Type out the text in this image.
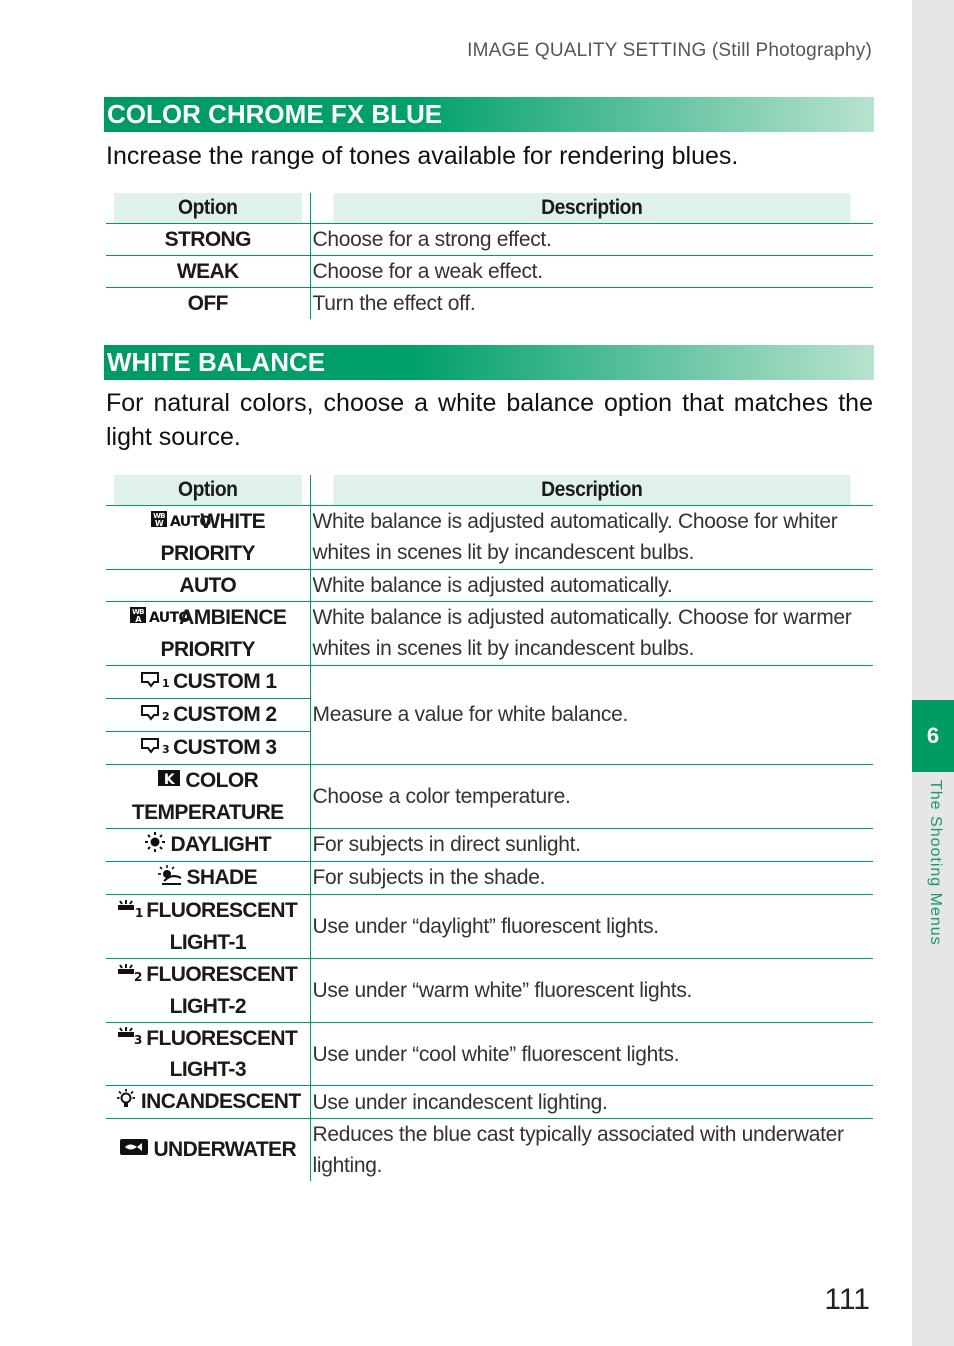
IMAGE QUALITY SETTING (Still Photography)
6
The Shooting Menus
COLOR CHROME FX BLUE
Increase the range of tones available for rendering blues.
Option	Description
STRONG	Choose for a strong effect.
WEAK	Choose for a weak effect.
OFF	Turn the effect off.
WHITE BALANCE
For natural colors, choose a white balance option that matches the light source.
Option	Description

WB
W AUTO
WHITE PRIORITY	White balance is adjusted automatically. Choose for whiter whites in scenes lit by incandescent bulbs.
AUTO	White balance is adjusted automatically.

WB
A AUTO
AMBIENCE PRIORITY	White balance is adjusted automatically. Choose for warmer whites in scenes lit by incandescent bulbs.

1 CUSTOM 1	Measure a value for white balance.

2 CUSTOM 2	

3 CUSTOM 3	

K COLOR TEMPERATURE	Choose a color temperature.
DAYLIGHT	For subjects in direct sunlight.
SHADE	For subjects in the shade.

1 FLUORESCENT LIGHT-1	Use under “daylight” fluorescent lights.

2 FLUORESCENT LIGHT-2	Use under “warm white” fluorescent lights.

3 FLUORESCENT LIGHT-3	Use under “cool white” fluorescent lights.
INCANDESCENT	Use under incandescent lighting.
UNDERWATER	Reduces the blue cast typically associated with underwater lighting.
111
